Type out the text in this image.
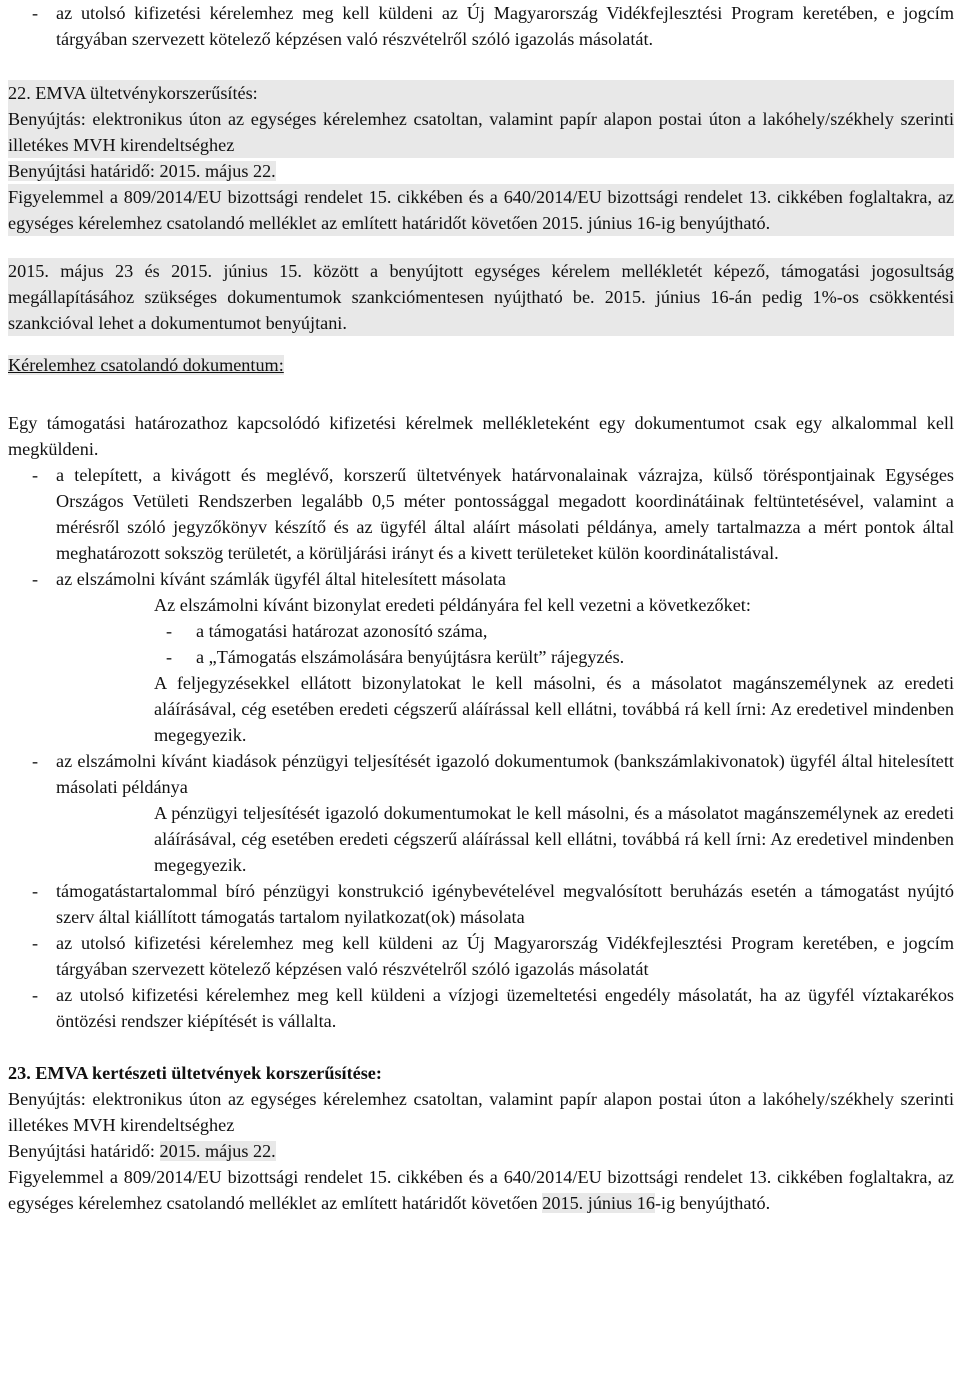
- az utolsó kifizetési kérelemhez meg kell küldeni az Új Magyarország Vidékfejlesztési Program keretében, e jogcím tárgyában szervezett kötelező képzésen való részvételről szóló igazolás másolatát.

22. EMVA ültetvénykorszerűsítés:

Benyújtás: elektronikus úton az egységes kérelemhez csatoltan, valamint papír alapon postai úton a lakóhely/székhely szerinti illetékes MVH kirendeltséghez

Benyújtási határidő: 2015. május 22.

Figyelemmel a 809/2014/EU bizottsági rendelet 15. cikkében és a 640/2014/EU bizottsági rendelet 13. cikkében foglaltakra, az egységes kérelemhez csatolandó melléklet az említett határidőt követően 2015. június 16-ig benyújtható.

2015. május 23 és 2015. június 15. között a benyújtott egységes kérelem mellékletét képező, támogatási jogosultság megállapításához szükséges dokumentumok szankciómentesen nyújtható be. 2015. június 16-án pedig 1%-os csökkentési szankcióval lehet a dokumentumot benyújtani.

Kérelemhez csatolandó dokumentum:

Egy támogatási határozathoz kapcsolódó kifizetési kérelmek mellékleteként egy dokumentumot csak egy alkalommal kell megküldeni.

- a telepített, a kivágott és meglévő, korszerű ültetvények határvonalainak vázrajza, külső töréspontjainak Egységes Országos Vetületi Rendszerben legalább 0,5 méter pontossággal megadott koordinátáinak feltüntetésével, valamint a mérésről szóló jegyzőkönyv készítő és az ügyfél által aláírt másolati példánya, amely tartalmazza a mért pontok által meghatározott sokszög területét, a körüljárási irányt és a kivett területeket külön koordinátalistával.

- az elszámolni kívánt számlák ügyfél által hitelesített másolata

Az elszámolni kívánt bizonylat eredeti példányára fel kell vezetni a következőket:

- a támogatási határozat azonosító száma,

- a „Támogatás elszámolására benyújtásra került” rájegyzés.

A feljegyzésekkel ellátott bizonylatokat le kell másolni, és a másolatot magánszemélynek az eredeti aláírásával, cég esetében eredeti cégszerű aláírással kell ellátni, továbbá rá kell írni: Az eredetivel mindenben megegyezik.

- az elszámolni kívánt kiadások pénzügyi teljesítését igazoló dokumentumok (bankszámlakivonatok) ügyfél által hitelesített másolati példánya

A pénzügyi teljesítését igazoló dokumentumokat le kell másolni, és a másolatot magánszemélynek az eredeti aláírásával, cég esetében eredeti cégszerű aláírással kell ellátni, továbbá rá kell írni: Az eredetivel mindenben megegyezik.

- támogatástartalommal bíró pénzügyi konstrukció igénybevételével megvalósított beruházás esetén a támogatást nyújtó szerv által kiállított támogatás tartalom nyilatkozat(ok) másolata

- az utolsó kifizetési kérelemhez meg kell küldeni az Új Magyarország Vidékfejlesztési Program keretében, e jogcím tárgyában szervezett kötelező képzésen való részvételről szóló igazolás másolatát

- az utolsó kifizetési kérelemhez meg kell küldeni a vízjogi üzemeltetési engedély másolatát, ha az ügyfél víztakarékos öntözési rendszer kiépítését is vállalta.

23. EMVA kertészeti ültetvények korszerűsítése:

Benyújtás: elektronikus úton az egységes kérelemhez csatoltan, valamint papír alapon postai úton a lakóhely/székhely szerinti illetékes MVH kirendeltséghez

Benyújtási határidő: 2015. május 22.

Figyelemmel a 809/2014/EU bizottsági rendelet 15. cikkében és a 640/2014/EU bizottsági rendelet 13. cikkében foglaltakra, az egységes kérelemhez csatolandó melléklet az említett határidőt követően 2015. június 16-ig benyújtható.
